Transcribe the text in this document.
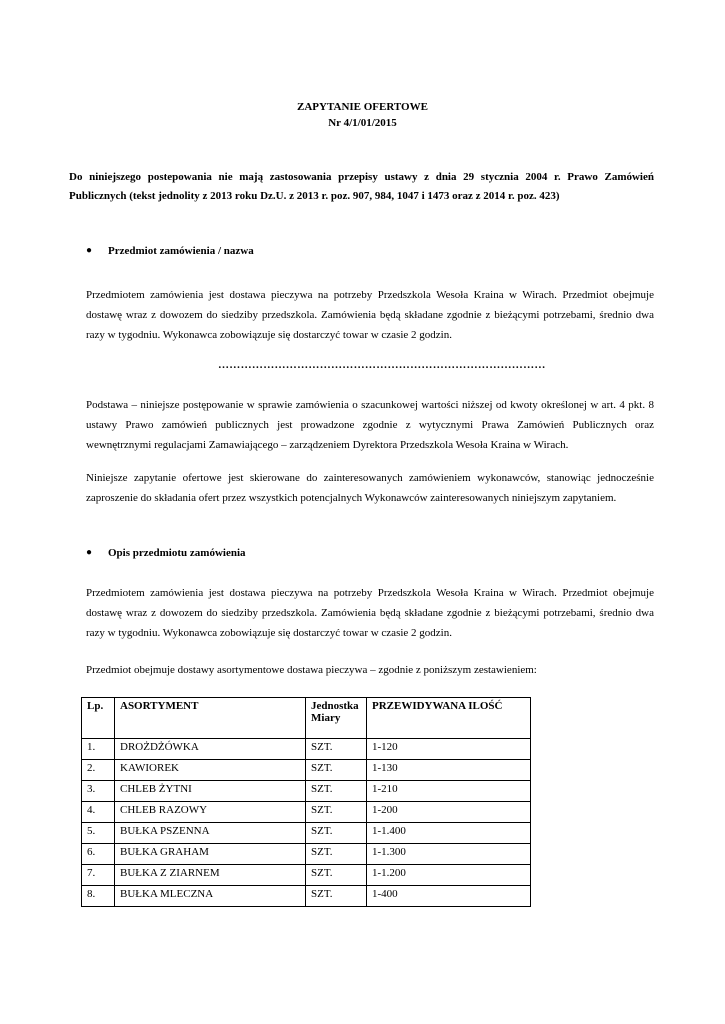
ZAPYTANIE OFERTOWE
Nr 4/1/01/2015
Do niniejszego postepowania nie mają zastosowania przepisy ustawy z dnia 29 stycznia 2004 r. Prawo Zamówień Publicznych (tekst jednolity z 2013 roku Dz.U. z 2013 r. poz. 907, 984, 1047 i 1473 oraz z 2014 r. poz. 423)
● Przedmiot zamówienia / nazwa
Przedmiotem zamówienia jest dostawa pieczywa na potrzeby Przedszkola Wesoła Kraina w Wirach. Przedmiot obejmuje dostawę wraz z dowozem do siedziby przedszkola. Zamówienia będą składane zgodnie z bieżącymi potrzebami, średnio dwa razy w tygodniu. Wykonawca zobowiązuje się dostarczyć towar w czasie 2 godzin.
……………………………………………………………………………
Podstawa – niniejsze postępowanie w sprawie zamówienia o szacunkowej wartości niższej od kwoty określonej w art. 4 pkt. 8 ustawy Prawo zamówień publicznych jest prowadzone zgodnie z wytycznymi Prawa Zamówień Publicznych oraz wewnętrznymi regulacjami Zamawiającego – zarządzeniem Dyrektora Przedszkola Wesoła Kraina w Wirach.
Niniejsze zapytanie ofertowe jest skierowane do zainteresowanych zamówieniem wykonawców, stanowiąc jednocześnie zaproszenie do składania ofert przez wszystkich potencjalnych Wykonawców zainteresowanych niniejszym zapytaniem.
● Opis przedmiotu zamówienia
Przedmiotem zamówienia jest dostawa pieczywa na potrzeby Przedszkola Wesoła Kraina w Wirach. Przedmiot obejmuje dostawę wraz z dowozem do siedziby przedszkola. Zamówienia będą składane zgodnie z bieżącymi potrzebami, średnio dwa razy w tygodniu. Wykonawca zobowiązuje się dostarczyć towar w czasie 2 godzin.
Przedmiot obejmuje dostawy asortymentowe dostawa pieczywa – zgodnie z poniższym zestawieniem:
Lp.	ASORTYMENT	Jednostka Miary	PRZEWIDYWANA ILOŚĆ
1.	DROŻDŻÓWKA	SZT.	1-120
2.	KAWIOREK	SZT.	1-130
3.	CHLEB ŻYTNI	SZT.	1-210
4.	CHLEB RAZOWY	SZT.	1-200
5.	BUŁKA PSZENNA	SZT.	1-1.400
6.	BUŁKA GRAHAM	SZT.	1-1.300
7.	BUŁKA Z ZIARNEM	SZT.	1-1.200
8.	BUŁKA MLECZNA	SZT.	1-400
